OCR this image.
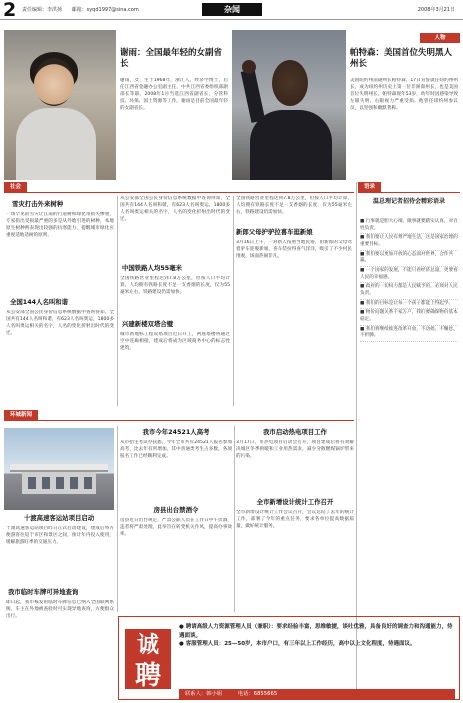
2 责任编辑：李洪扬 邮箱：syqd1997@sina.com	杂闻	2008年3月21日
谢雨：全国最年轻的女副省长
谢雨，女，生于1968年，浙江人，经济学博士，后任江西省金融办公室副主任，中共江西省委组织部副部长等职。2008年1月当选江西省副省长，分管科技、环保、国土资源等工作。谢雨是目前全国最年轻的女副省长。
人物
帕特森：美国首位失明黑人州长
美国纽约州前副州长帕特森，17日宣誓就任纽约州州长，成为纽约州历史上第一位非洲裔州长，也是美国首位失明州长。帕特森现年53岁，幼年时因感染导致左眼失明、右眼视力严重受损。他曾任纽约州参议员，以坚强和幽默著称。
社会
雪灾打击外来树种
一场罕见的雪灾让江南的行道树和绿化带损失惨重，专家指出受损最严重的多是从外地引进的树种，本地原生树种则表现出较强的抗寒能力，提醒城市绿化应重视适地适树的原则。
全国144人名叫和谐
从公安部全国公民身份信息系统数据中查询得知，全国共有144人名叫和谐，有623人名叫奥运，1800多人名叫奥运相关的名字，人名的变化折射出时代的变迁。
从公安部全国公民身份信息系统数据中查询得知，全国共有144人名叫和谐，有623人名叫奥运，1800多人名叫奥运相关的名字，人名的变化折射出时代的变迁。
中国铁路人均55毫米
全国铁路营业里程达到7.8万公里，但按人口平均计算，人均拥有铁路长度不足一支香烟的长度，仅为55毫米左右，铁路建设仍需加快。
兴建新楼双塔合璧
城市新地标工程双塔项目近日开工，两座塔楼将通过空中连廊相接，建成后将成为区域商务中心的标志性建筑。
全国铁路营业里程达到7.8万公里，但按人口平均计算，人均拥有铁路长度不足一支香烟的长度，仅为55毫米左右，铁路建设仍需加快。
新郎父母护驴拉喜车逛新娘
3月16日上午，一对新人按照当地民俗，由新郎的父母驾着驴车迎娶新娘，喜车装扮得喜气洋洋，吸引了不少村民围观，场面热闹非凡。
语录
温总理记者招待会精彩语录

■ 行事就是胆大心细，做事就要踏实认真，对百姓负责。

■ 我们要让人民有尊严地生活，这是国家治理的重要目标。

■ 我们要以更加开放的心态面对世界，合作共赢。

■ 一个国家的发展，不能只看经济总量，更要看人民的幸福感。

■ 政府的一切权力都是人民赋予的，必须对人民负责。

■ 我们的目标是让每一个孩子都能上得起学。

■ 物价问题关系千家万户，我们要确保物价基本稳定。

■ 我们将继续推进改革开放，不动摇、不懈怠、不折腾。

环城新闻
十渡高速客运站项目启动
十渡高速客运站项目昨日正式启动建设，建成后将方便游客往返于市区和景区之间，预计年内投入使用，缓解旅游旺季的交通压力。
我市临时车牌可异地查询
即日起，我市核发的临时车牌信息已纳入全国联网系统，车主在外地被查验时可实现异地查询，方便群众出行。
我市今年24521人高考
从市招生考试办获悉，今年全市共有24521人报名参加高考，比去年有所增加，其中普通类考生占多数，各项报名工作已经顺利完成。
房县出台禁酒令
房县近日出台规定，严禁公职人员在工作日中午饮酒，违者将严肃处理，此举旨在转变机关作风，提高办事效率。
我市启动热电项目工作
3月17日，市热电项目启动会召开，项目建成后将有效解决城区冬季供暖和工业用热需求，减少分散燃煤锅炉带来的污染。
全市新增设计统计工作召开
全市新增设计统计工作会议召开，会议总结了去年的统计工作，部署了今年的重点任务，要求各单位提高数据质量，做好统计服务。
诚
聘

● 聘请高级人力资源管理人员（兼职）：要求经验丰富，思维敏捷，谈吐优雅，具备良好的调查力和沟通能力，待遇面谈。

● 客服管理人员：25—50岁，本市户口，有三年以上工作经历，高中以上文化程度，待遇面议。

联系人：韩小姐	电话：6855665
